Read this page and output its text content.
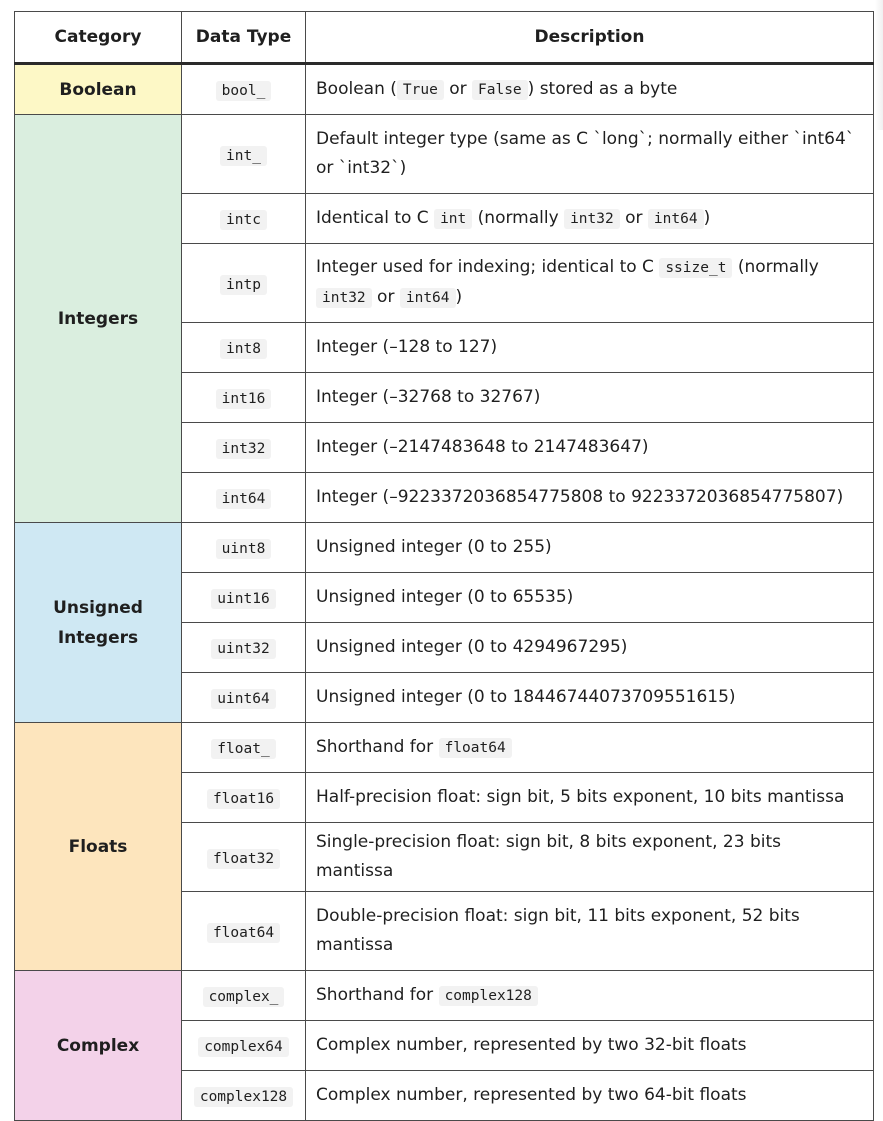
Category	Data Type	Description
Boolean	bool_	Boolean ( True or False ) stored as a byte
Integers	int_	Default integer type (same as C `long`; normally either `int64` or `int32`)
	intc	Identical to C int (normally int32 or int64 )
	intp	Integer used for indexing; identical to C ssize_t (normally int32 or int64 )
	int8	Integer (–128 to 127)
	int16	Integer (–32768 to 32767)
	int32	Integer (–2147483648 to 2147483647)
	int64	Integer (–9223372036854775808 to 9223372036854775807)
Unsigned Integers	uint8	Unsigned integer (0 to 255)
	uint16	Unsigned integer (0 to 65535)
	uint32	Unsigned integer (0 to 4294967295)
	uint64	Unsigned integer (0 to 18446744073709551615)
Floats	float_	Shorthand for float64
	float16	Half-precision float: sign bit, 5 bits exponent, 10 bits mantissa
	float32	Single-precision float: sign bit, 8 bits exponent, 23 bits mantissa
	float64	Double-precision float: sign bit, 11 bits exponent, 52 bits mantissa
Complex	complex_	Shorthand for complex128
	complex64	Complex number, represented by two 32-bit floats
	complex128	Complex number, represented by two 64-bit floats
